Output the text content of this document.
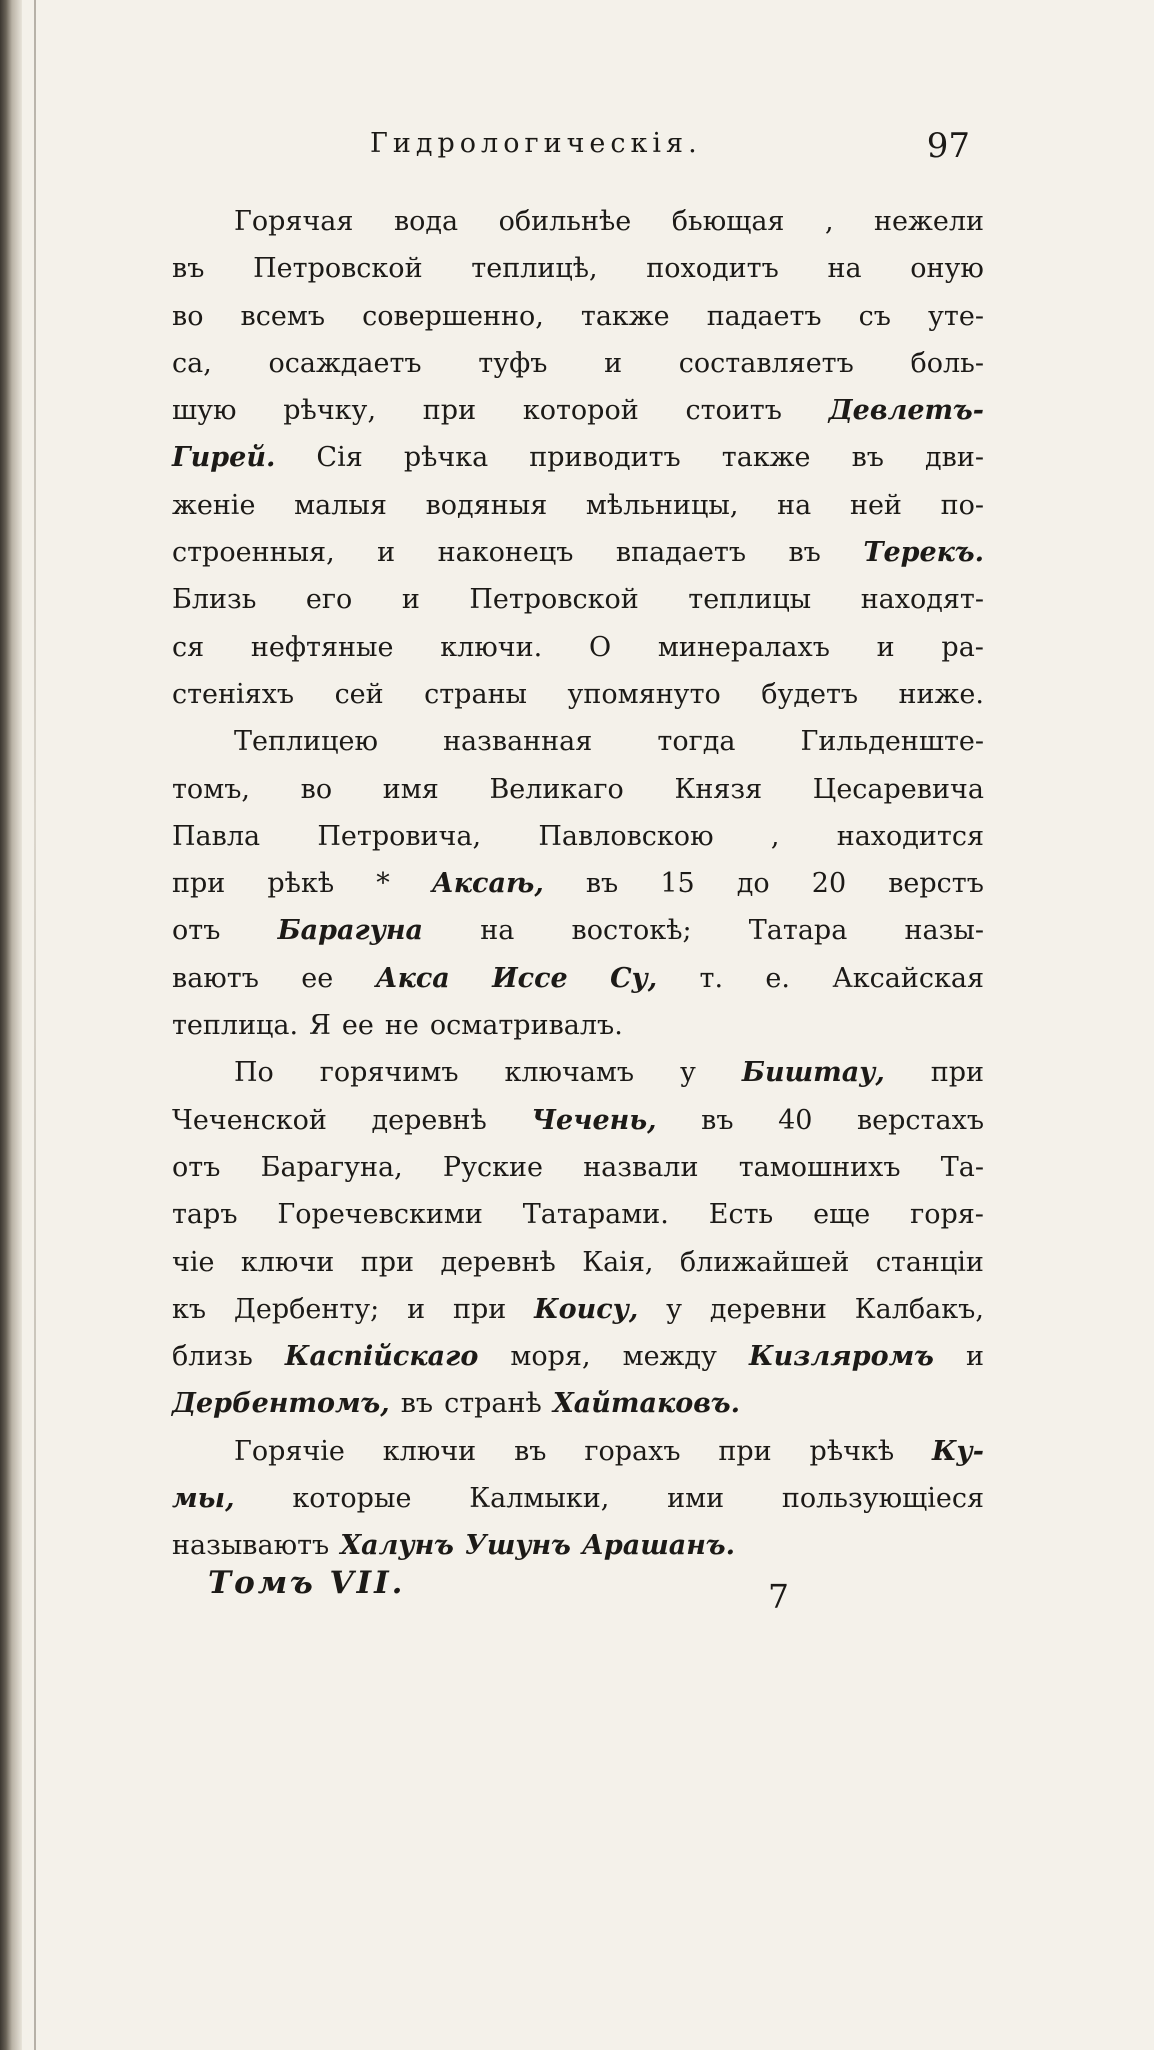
Гидрологическія.	97
Горячая вода обильнѣе бьющая , нежели
въ Петровской теплицѣ, походитъ на оную
во всемъ совершенно, также падаетъ съ уте-
са, осаждаетъ туфъ и составляетъ боль-
шую рѣчку, при которой стоитъ Девлетъ-
Гирей. Сія рѣчка приводитъ также въ дви-
женіе малыя водяныя мѣльницы, на ней по-
строенныя, и наконецъ впадаетъ въ Терекъ.
Близь его и Петровской теплицы находят-
ся нефтяные ключи. О минералахъ и ра-
стеніяхъ сей страны упомянуто будетъ ниже.
Теплицею названная тогда Гильденште-
томъ, во имя Великаго Князя Цесаревича
Павла Петровича, Павловскою , находится
при рѣкѣ * Аксаѣ, въ 15 до 20 верстъ
отъ Барагуна на востокѣ; Татара назы-
ваютъ ее Акса Иссе Су, т. е. Аксайская
теплица. Я ее не осматривалъ.
По горячимъ ключамъ у Биштау, при
Чеченской деревнѣ Чечень, въ 40 верстахъ
отъ Барагуна, Руские назвали тамошнихъ Та-
таръ Горечевскими Татарами. Есть еще горя-
чіе ключи при деревнѣ Каія, ближайшей станціи
къ Дербенту; и при Коису, у деревни Калбакъ,
близь Каспійскаго моря, между Кизляромъ и
Дербентомъ, въ странѣ Хайтаковъ.
Горячіе ключи въ горахъ при рѣчкѣ Ку-
мы, которые Калмыки, ими пользующіеся
называютъ Халунъ Ушунъ Арашанъ.
Томъ VII.	7
